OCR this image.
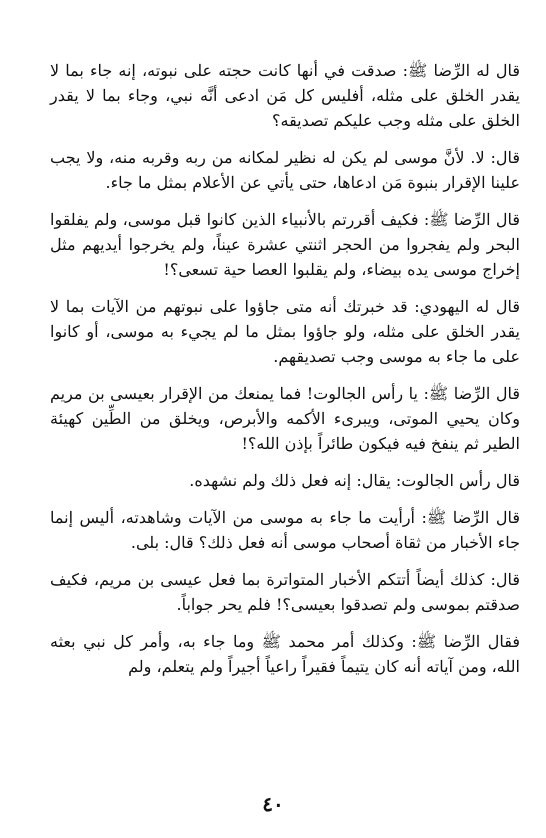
قال له الرِّضا ﷺ: صدقت في أنها كانت حجته على نبوته، إنه جاء بما لا يقدر الخلق على مثله، أفليس كل مَن ادعى أنَّه نبي، وجاء بما لا يقدر الخلق على مثله وجب عليكم تصديقه؟

قال: لا. لأنَّ موسى لم يكن له نظير لمكانه من ربه وقربه منه، ولا يجب علينا الإقرار بنبوة مَن ادعاها، حتى يأتي عن الأعلام بمثل ما جاء.

قال الرِّضا ﷺ: فكيف أقررتم بالأنبياء الذين كانوا قبل موسى، ولم يفلقوا البحر ولم يفجروا من الحجر اثنتي عشرة عيناً، ولم يخرجوا أيديهم مثل إخراج موسى يده بيضاء، ولم يقلبوا العصا حية تسعى؟!

قال له اليهودي: قد خبرتك أنه متى جاؤوا على نبوتهم من الآيات بما لا يقدر الخلق على مثله، ولو جاؤوا بمثل ما لم يجيء به موسى، أو كانوا على ما جاء به موسى وجب تصديقهم.

قال الرِّضا ﷺ: يا رأس الجالوت! فما يمنعك من الإقرار بعيسى بن مريم وكان يحيي الموتى، ويبرىء الأكمه والأبرص، ويخلق من الطِّين كهيئة الطير ثم ينفخ فيه فيكون طائراً بإذن الله؟!

قال رأس الجالوت: يقال: إنه فعل ذلك ولم نشهده.

قال الرِّضا ﷺ: أرأيت ما جاء به موسى من الآيات وشاهدته، أليس إنما جاء الأخبار من ثقاة أصحاب موسى أنه فعل ذلك؟ قال: بلى.

قال: كذلك أيضاً أتتكم الأخبار المتواترة بما فعل عيسى بن مريم، فكيف صدقتم بموسى ولم تصدقوا بعيسى؟! فلم يحر جواباً.

فقال الرِّضا ﷺ: وكذلك أمر محمد ﷺ وما جاء به، وأمر كل نبي بعثه الله، ومن آياته أنه كان يتيماً فقيراً راعياً أجيراً ولم يتعلم، ولم

٤٠
